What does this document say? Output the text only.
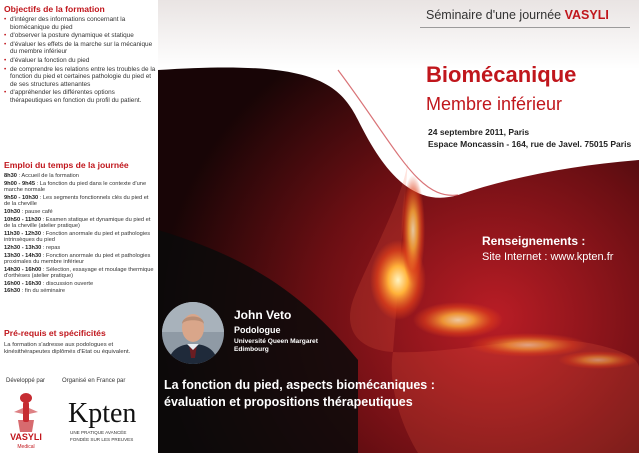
Objectifs de la formation
• d'intégrer des informations concernant la biomécanique du pied
• d'observer la posture dynamique et statique
• d'évaluer les effets de la marche sur la mécanique du membre inférieur
• d'évaluer la fonction du pied
• de comprendre les relations entre les troubles de la fonction du pied et certaines pathologie du pied et de ses structures attenantes
• d'appréhender les différentes options thérapeutiques en fonction du profil du patient.
Emploi du temps de la journée
8h30 : Accueil de la formation
9h00 - 9h45 : La fonction du pied dans le contexte d'une marche normale
9h50 - 10h30 : Les segments fonctionnels clés du pied et de la cheville
10h30 : pause café
10h50 - 11h30 : Examen statique et dynamique du pied et de la cheville (atelier pratique)
11h30 - 12h30 : Fonction anormale du pied et pathologies intrinsèques du pied
12h30 - 13h30 : repas
13h30 - 14h30 : Fonction anormale du pied et pathologies proximales du membre inférieur
14h30 - 16h00 : Sélection, essayage et moulage thermique d'orthèses (atelier pratique)
16h00 - 16h30 : discussion ouverte
16h30 : fin du séminaire
Pré-requis et spécificités
La formation s'adresse aux podologues et kinésithérapeutes diplômés d'Etat ou équivalent.
Développé par	Organisé en France par
VASYLI
Medical
Kpten
UNE PRATIQUE AVANCÉE
FONDÉE SUR LES PREUVES
Séminaire d'une journée VASYLI
Biomécanique
Membre inférieur
24 septembre 2011, Paris
Espace Moncassin - 164, rue de Javel. 75015 Paris
Renseignements :
Site Internet : www.kpten.fr
John Veto
Podologue
Université Queen Margaret
Edimbourg
La fonction du pied, aspects biomécaniques :
évaluation et propositions thérapeutiques
